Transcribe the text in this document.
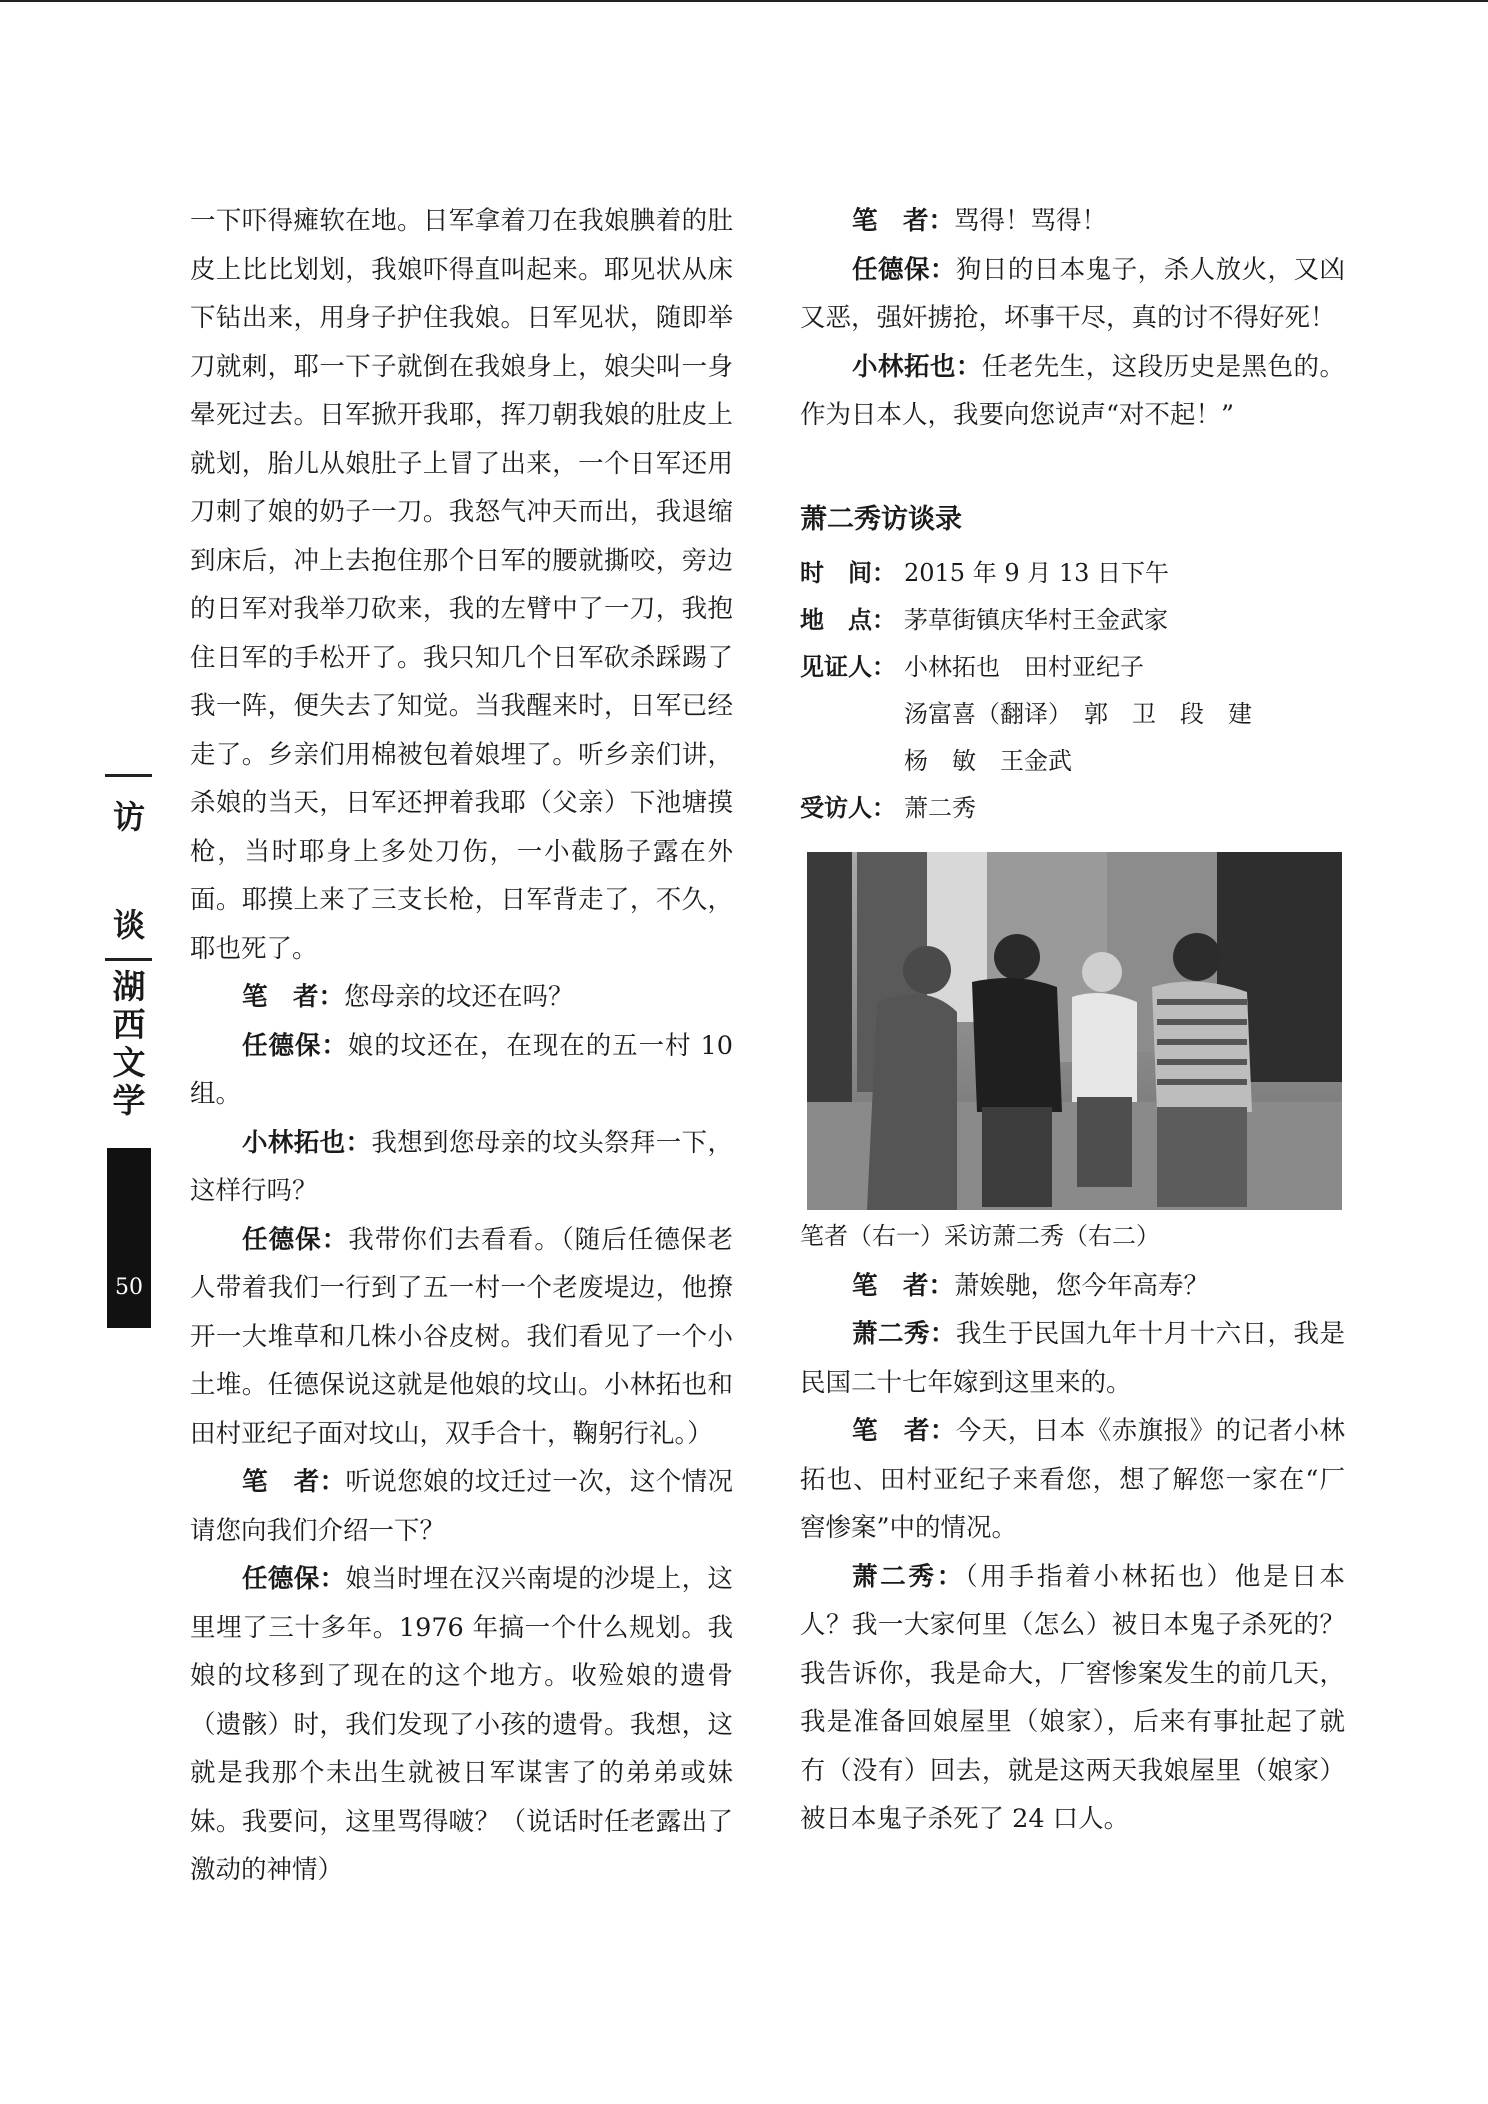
访
谈
湖
西
文
学
50

一下吓得瘫软在地。日军拿着刀在我娘腆着的肚皮上比比划划，我娘吓得直叫起来。耶见状从床下钻出来，用身子护住我娘。日军见状，随即举刀就刺，耶一下子就倒在我娘身上，娘尖叫一身晕死过去。日军掀开我耶，挥刀朝我娘的肚皮上就划，胎儿从娘肚子上冒了出来，一个日军还用刀刺了娘的奶子一刀。我怒气冲天而出，我退缩到床后，冲上去抱住那个日军的腰就撕咬，旁边的日军对我举刀砍来，我的左臂中了一刀，我抱住日军的手松开了。我只知几个日军砍杀踩踢了我一阵，便失去了知觉。当我醒来时，日军已经走了。乡亲们用棉被包着娘埋了。听乡亲们讲，杀娘的当天，日军还押着我耶（父亲）下池塘摸枪，当时耶身上多处刀伤，一小截肠子露在外面。耶摸上来了三支长枪，日军背走了，不久，耶也死了。

笔　者：您母亲的坟还在吗？

任德保：娘的坟还在，在现在的五一村 10 组。

小林拓也：我想到您母亲的坟头祭拜一下，这样行吗？

任德保：我带你们去看看。（随后任德保老人带着我们一行到了五一村一个老废堤边，他撩开一大堆草和几株小谷皮树。我们看见了一个小土堆。任德保说这就是他娘的坟山。小林拓也和田村亚纪子面对坟山，双手合十，鞠躬行礼。）

笔　者：听说您娘的坟迁过一次，这个情况请您向我们介绍一下？

任德保：娘当时埋在汉兴南堤的沙堤上，这里埋了三十多年。1976 年搞一个什么规划。我娘的坟移到了现在的这个地方。收殓娘的遗骨（遗骸）时，我们发现了小孩的遗骨。我想，这就是我那个未出生就被日军谋害了的弟弟或妹妹。我要问，这里骂得啵？（说话时任老露出了激动的神情）

笔　者：骂得！骂得！

任德保：狗日的日本鬼子，杀人放火，又凶又恶，强奸掳抢，坏事干尽，真的讨不得好死！

小林拓也：任老先生，这段历史是黑色的。作为日本人，我要向您说声“对不起！”

萧二秀访谈录

时　间： 2015 年 9 月 13 日下午
地　点： 茅草街镇庆华村王金武家
见证人： 小林拓也　田村亚纪子
汤富喜（翻译）　郭　卫　段　建
杨　敏　王金武
受访人： 萧二秀

笔者（右一）采访萧二秀（右二）

笔　者：萧娭毑，您今年高寿？

萧二秀：我生于民国九年十月十六日，我是民国二十七年嫁到这里来的。

笔　者：今天，日本《赤旗报》的记者小林拓也、田村亚纪子来看您，想了解您一家在“厂窖惨案”中的情况。

萧二秀：（用手指着小林拓也）他是日本人？我一大家何里（怎么）被日本鬼子杀死的？我告诉你，我是命大，厂窖惨案发生的前几天，我是准备回娘屋里（娘家），后来有事扯起了就冇（没有）回去，就是这两天我娘屋里（娘家）被日本鬼子杀死了 24 口人。
